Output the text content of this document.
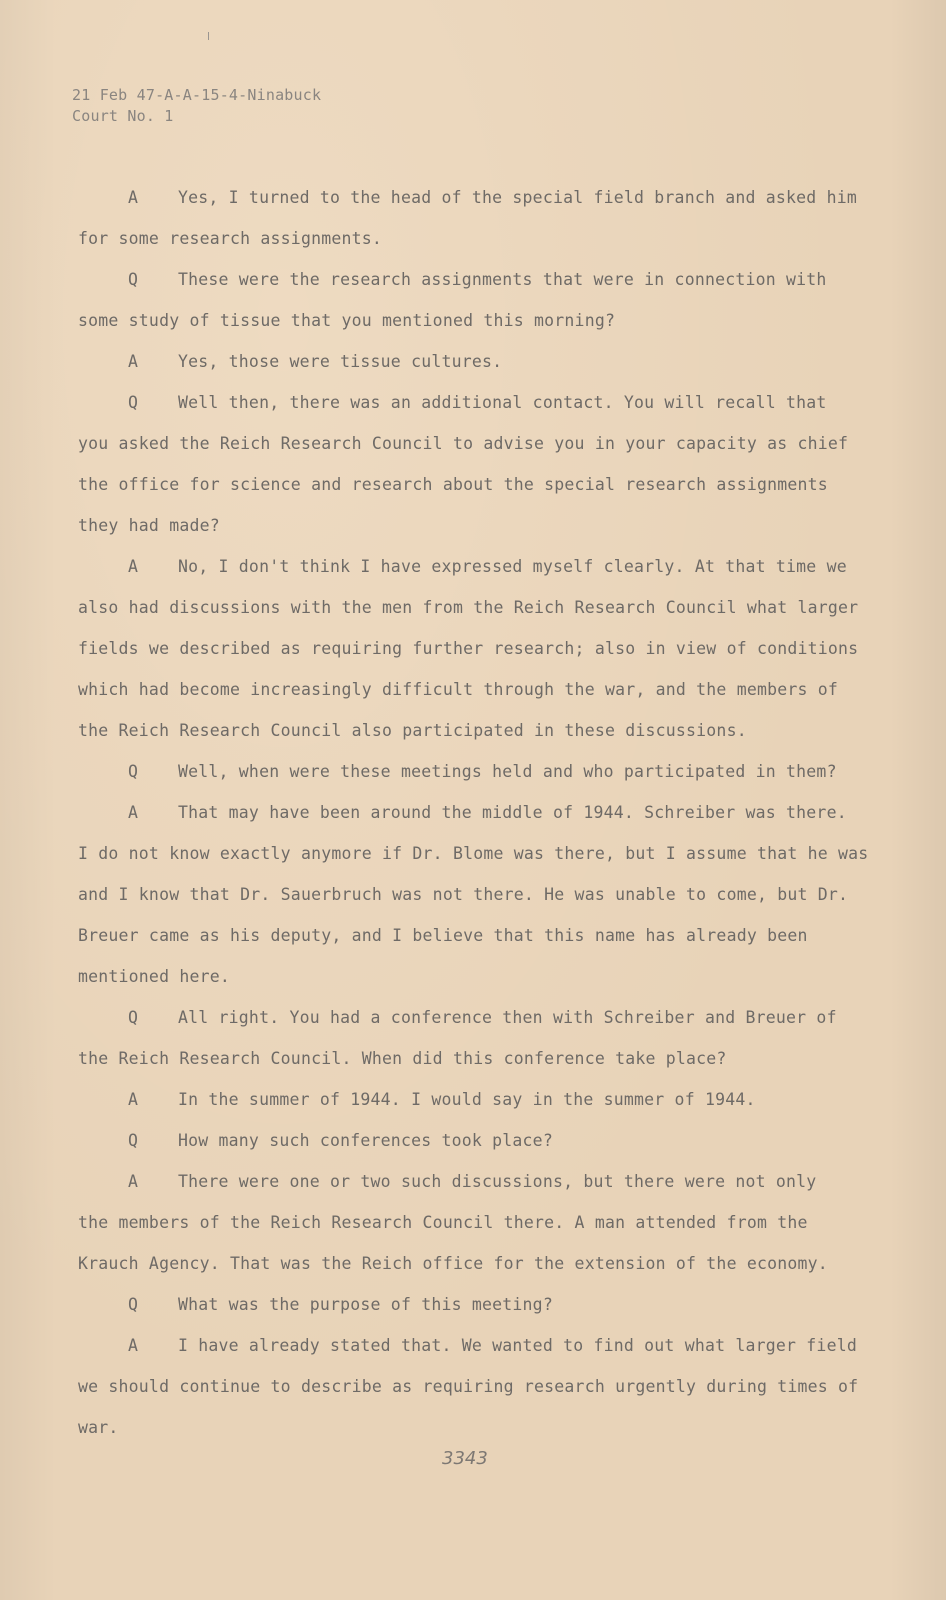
21 Feb 47-A-A-15-4-Ninabuck
Court No. 1
A Yes, I turned to the head of the special field branch and asked him
for some research assignments.
Q These were the research assignments that were in connection with
some study of tissue that you mentioned this morning?
A Yes, those were tissue cultures.
Q Well then, there was an additional contact. You will recall that
you asked the Reich Research Council to advise you in your capacity as chief
the office for science and research about the special research assignments
they had made?
A No, I don't think I have expressed myself clearly. At that time we
also had discussions with the men from the Reich Research Council what larger
fields we described as requiring further research; also in view of conditions
which had become increasingly difficult through the war, and the members of
the Reich Research Council also participated in these discussions.
Q Well, when were these meetings held and who participated in them?
A That may have been around the middle of 1944. Schreiber was there.
I do not know exactly anymore if Dr. Blome was there, but I assume that he was
and I know that Dr. Sauerbruch was not there. He was unable to come, but Dr.
Breuer came as his deputy, and I believe that this name has already been
mentioned here.
Q All right. You had a conference then with Schreiber and Breuer of
the Reich Research Council. When did this conference take place?
A In the summer of 1944. I would say in the summer of 1944.
Q How many such conferences took place?
A There were one or two such discussions, but there were not only
the members of the Reich Research Council there. A man attended from the
Krauch Agency. That was the Reich office for the extension of the economy.
Q What was the purpose of this meeting?
A I have already stated that. We wanted to find out what larger field
we should continue to describe as requiring research urgently during times of
war.
3343
